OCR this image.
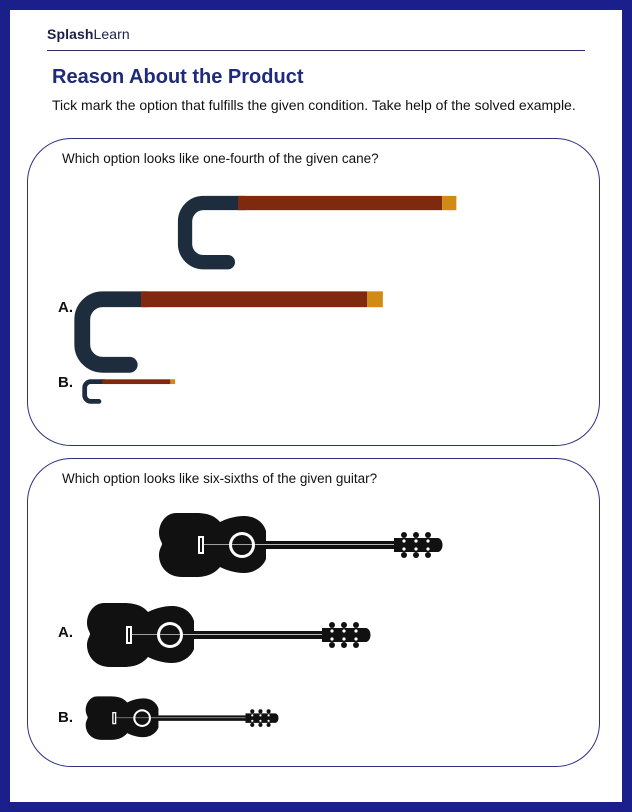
SplashLearn
Reason About the Product
Tick mark the option that fulfills the given condition. Take help of the solved example.
Which option looks like one-fourth of the given cane?
A.
B.
Which option looks like six-sixths of the given guitar?
A.
B.
